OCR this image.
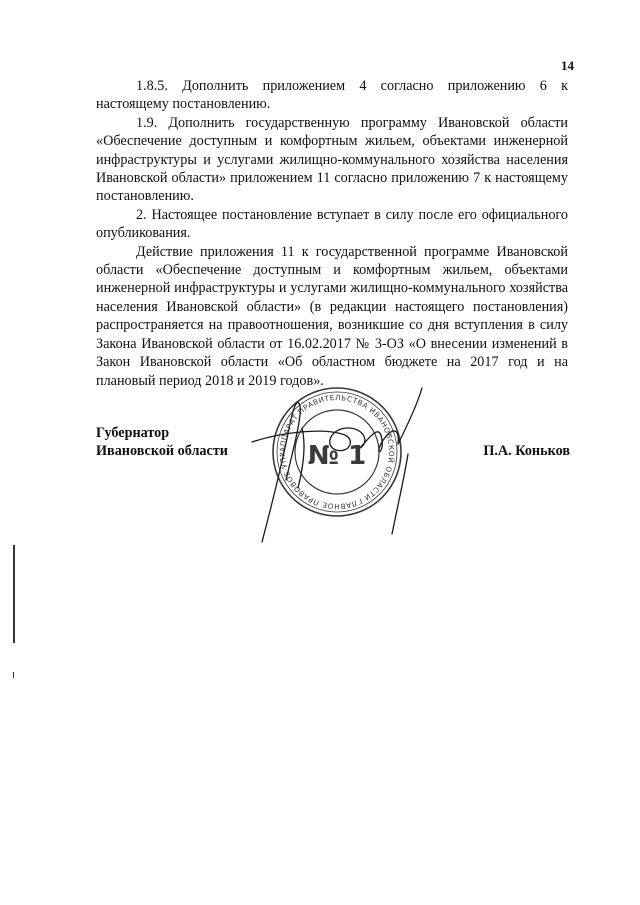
14

1.8.5. Дополнить приложением 4 согласно приложению 6 к настоящему постановлению.

1.9. Дополнить государственную программу Ивановской области «Обеспечение доступным и комфортным жильем, объектами инженерной инфраструктуры и услугами жилищно-коммунального хозяйства населения Ивановской области» приложением 11 согласно приложению 7 к настоящему постановлению.

2. Настоящее постановление вступает в силу после его официального опубликования.

Действие приложения 11 к государственной программе Ивановской области «Обеспечение доступным и комфортным жильем, объектами инженерной инфраструктуры и услугами жилищно-коммунального хозяйства населения Ивановской области» (в редакции настоящего постановления) распространяется на правоотношения, возникшие со дня вступления в силу Закона Ивановской области от 16.02.2017 № 3-ОЗ «О внесении изменений в Закон Ивановской области «Об областном бюджете на 2017 год и на плановый период 2018 и 2019 годов».

Губернатор
Ивановской области	П.А. Коньков
АППАРАТ ПРАВИТЕЛЬСТВА ИВАНОВСКОЙ ОБЛАСТИ ГЛАВНОЕ ПРАВОВОЕ УПР № 1
